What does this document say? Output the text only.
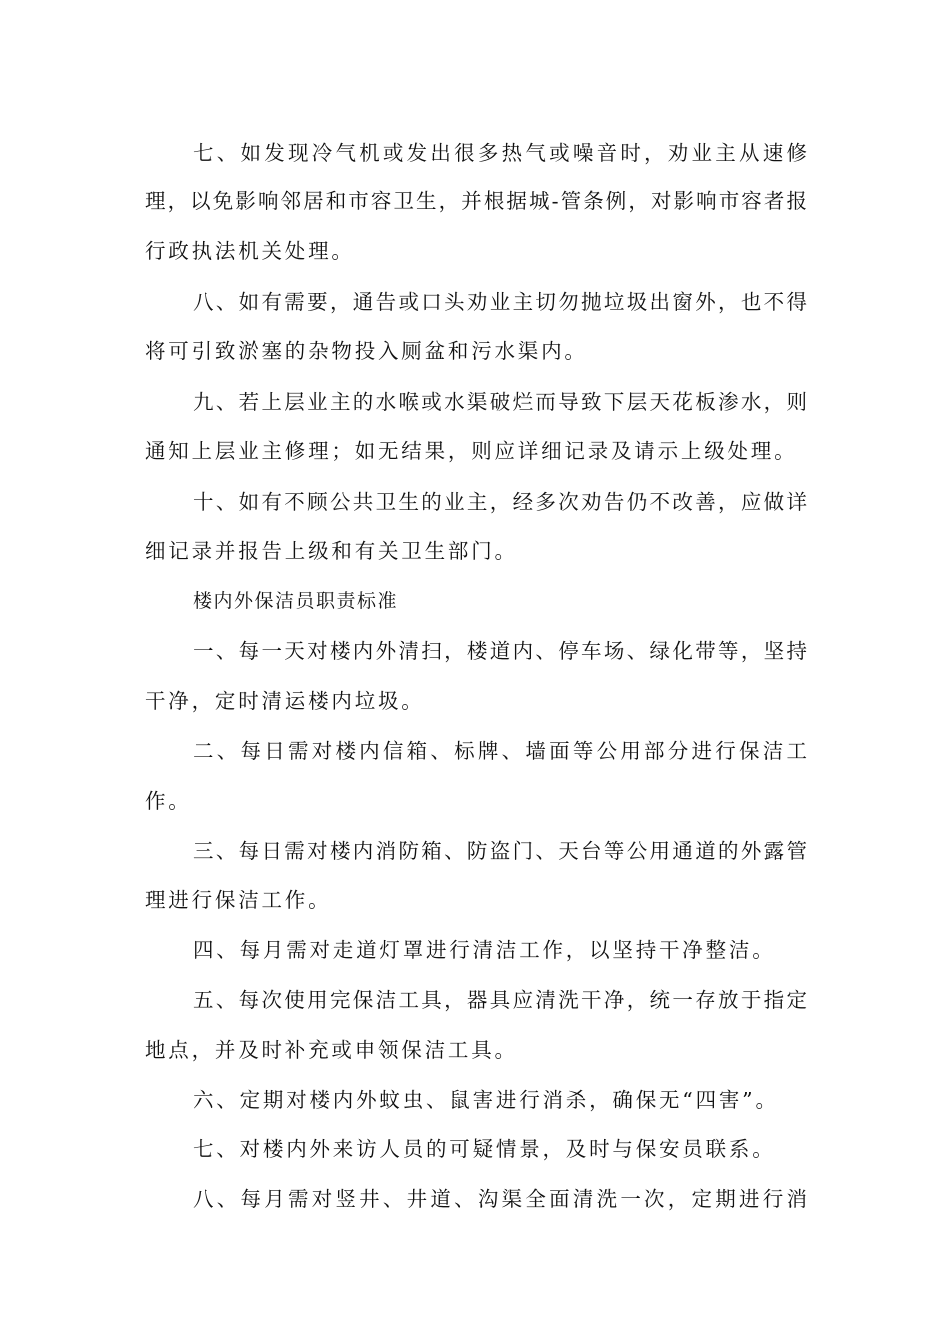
七、如发现冷气机或发出很多热气或噪音时，劝业主从速修
理，以免影响邻居和市容卫生，并根据城-管条例，对影响市容者报
行政执法机关处理。
八、如有需要，通告或口头劝业主切勿抛垃圾出窗外，也不得
将可引致淤塞的杂物投入厕盆和污水渠内。
九、若上层业主的水喉或水渠破烂而导致下层天花板渗水，则
通知上层业主修理；如无结果，则应详细记录及请示上级处理。
十、如有不顾公共卫生的业主，经多次劝告仍不改善，应做详
细记录并报告上级和有关卫生部门。
楼内外保洁员职责标准
一、每一天对楼内外清扫，楼道内、停车场、绿化带等，坚持
干净，定时清运楼内垃圾。
二、每日需对楼内信箱、标牌、墙面等公用部分进行保洁工
作。
三、每日需对楼内消防箱、防盗门、天台等公用通道的外露管
理进行保洁工作。
四、每月需对走道灯罩进行清洁工作，以坚持干净整洁。
五、每次使用完保洁工具，器具应清洗干净，统一存放于指定
地点，并及时补充或申领保洁工具。
六、定期对楼内外蚊虫、鼠害进行消杀，确保无“四害”。
七、对楼内外来访人员的可疑情景，及时与保安员联系。
八、每月需对竖井、井道、沟渠全面清洗一次，定期进行消
